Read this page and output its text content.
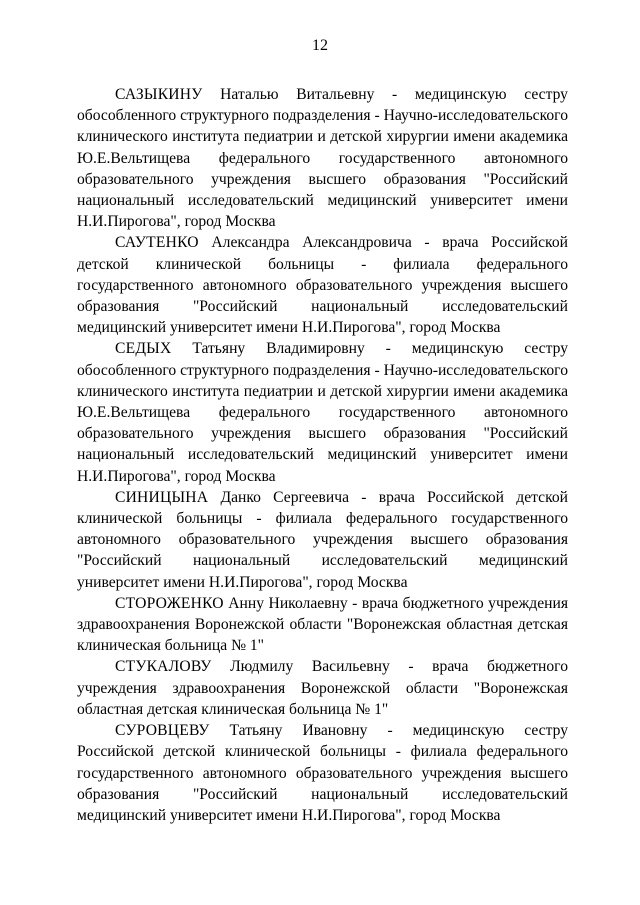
12

САЗЫКИНУ Наталью Витальевну - медицинскую сестру обособленного структурного подразделения - Научно-исследовательского клинического института педиатрии и детской хирургии имени академика Ю.Е.Вельтищева федерального государственного автономного образовательного учреждения высшего образования "Российский национальный исследовательский медицинский университет имени Н.И.Пирогова", город Москва

САУТЕНКО Александра Александровича - врача Российской детской клинической больницы - филиала федерального государственного автономного образовательного учреждения высшего образования "Российский национальный исследовательский медицинский университет имени Н.И.Пирогова", город Москва

СЕДЫХ Татьяну Владимировну - медицинскую сестру обособленного структурного подразделения - Научно-исследовательского клинического института педиатрии и детской хирургии имени академика Ю.Е.Вельтищева федерального государственного автономного образовательного учреждения высшего образования "Российский национальный исследовательский медицинский университет имени Н.И.Пирогова", город Москва

СИНИЦЫНА Данко Сергеевича - врача Российской детской клинической больницы - филиала федерального государственного автономного образовательного учреждения высшего образования "Российский национальный исследовательский медицинский университет имени Н.И.Пирогова", город Москва

СТОРОЖЕНКО Анну Николаевну - врача бюджетного учреждения здравоохранения Воронежской области "Воронежская областная детская клиническая больница № 1"

СТУКАЛОВУ Людмилу Васильевну - врача бюджетного учреждения здравоохранения Воронежской области "Воронежская областная детская клиническая больница № 1"

СУРОВЦЕВУ Татьяну Ивановну - медицинскую сестру Российской детской клинической больницы - филиала федерального государственного автономного образовательного учреждения высшего образования "Российский национальный исследовательский медицинский университет имени Н.И.Пирогова", город Москва
